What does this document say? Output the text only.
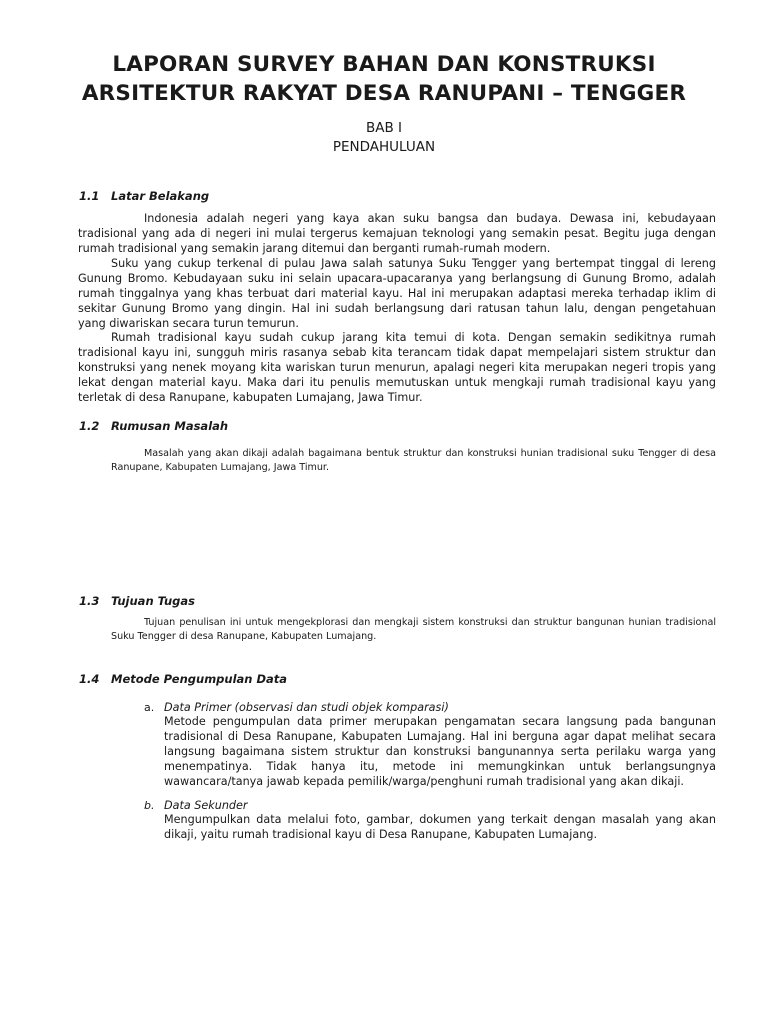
LAPORAN SURVEY BAHAN DAN KONSTRUKSI
ARSITEKTUR RAKYAT DESA RANUPANI – TENGGER

BAB I

PENDAHULUAN

1.1 Latar Belakang

Indonesia adalah negeri yang kaya akan suku bangsa dan budaya. Dewasa ini, kebudayaan tradisional yang ada di negeri ini mulai tergerus kemajuan teknologi yang semakin pesat. Begitu juga dengan rumah tradisional yang semakin jarang ditemui dan berganti rumah-rumah modern.

Suku yang cukup terkenal di pulau Jawa salah satunya Suku Tengger yang bertempat tinggal di lereng Gunung Bromo. Kebudayaan suku ini selain upacara-upacaranya yang berlangsung di Gunung Bromo, adalah rumah tinggalnya yang khas terbuat dari material kayu. Hal ini merupakan adaptasi mereka terhadap iklim di sekitar Gunung Bromo yang dingin. Hal ini sudah berlangsung dari ratusan tahun lalu, dengan pengetahuan yang diwariskan secara turun temurun.

Rumah tradisional kayu sudah cukup jarang kita temui di kota. Dengan semakin sedikitnya rumah tradisional kayu ini, sungguh miris rasanya sebab kita terancam tidak dapat mempelajari sistem struktur dan konstruksi yang nenek moyang kita wariskan turun menurun, apalagi negeri kita merupakan negeri tropis yang lekat dengan material kayu. Maka dari itu penulis memutuskan untuk mengkaji rumah tradisional kayu yang terletak di desa Ranupane, kabupaten Lumajang, Jawa Timur.

1.2 Rumusan Masalah

Masalah yang akan dikaji adalah bagaimana bentuk struktur dan konstruksi hunian tradisional suku Tengger di desa Ranupane, Kabupaten Lumajang, Jawa Timur.

1.3 Tujuan Tugas

Tujuan penulisan ini untuk mengekplorasi dan mengkaji sistem konstruksi dan struktur bangunan hunian tradisional Suku Tengger di desa Ranupane, Kabupaten Lumajang.

1.4 Metode Pengumpulan Data
a. Data Primer (observasi dan studi objek komparasi)

Metode pengumpulan data primer merupakan pengamatan secara langsung pada bangunan tradisional di Desa Ranupane, Kabupaten Lumajang. Hal ini berguna agar dapat melihat secara langsung bagaimana sistem struktur dan konstruksi bangunannya serta perilaku warga yang menempatinya. Tidak hanya itu, metode ini memungkinkan untuk berlangsungnya wawancara/tanya jawab kepada pemilik/warga/penghuni rumah tradisional yang akan dikaji.

b. Data Sekunder

Mengumpulkan data melalui foto, gambar, dokumen yang terkait dengan masalah yang akan dikaji, yaitu rumah tradisional kayu di Desa Ranupane, Kabupaten Lumajang.
